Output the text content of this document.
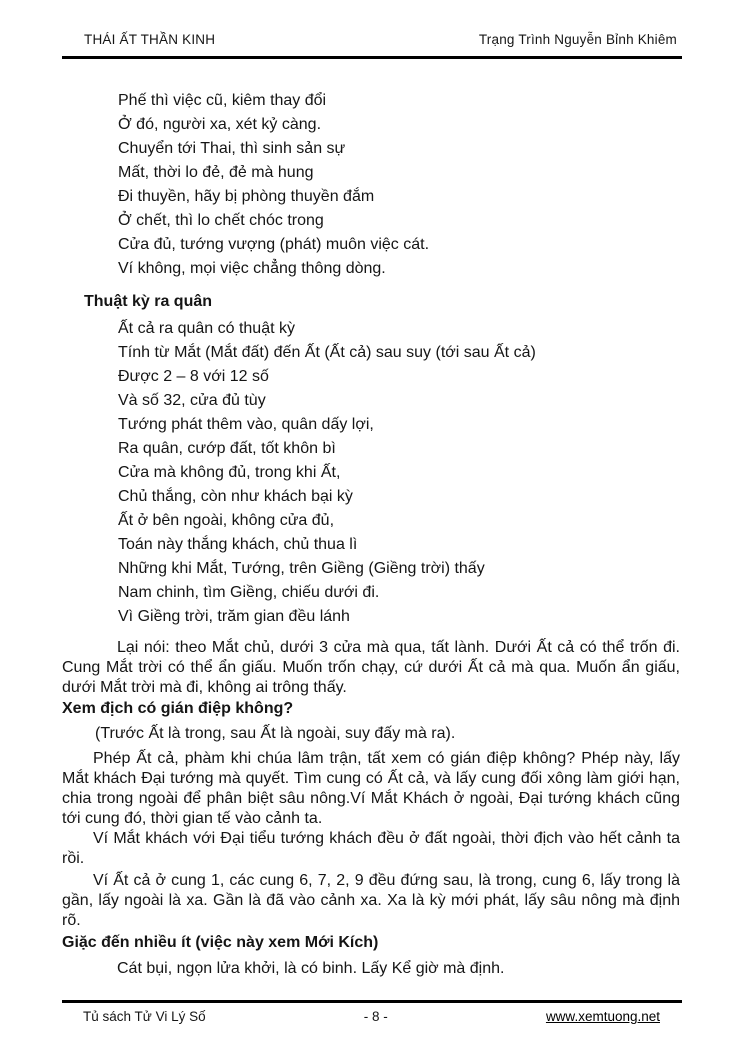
THÁI ẤT THẦN KINH	Trạng Trình Nguyễn Bỉnh Khiêm
Phế thì việc cũ, kiêm thay đổi
Ở đó, người xa, xét kỷ càng.
Chuyển tới Thai, thì sinh sản sự
Mất, thời lo đẻ, đẻ mà hung
Đi thuyền, hãy bị phòng thuyền đắm
Ở chết, thì lo chết chóc trong
Cửa đủ, tướng vượng (phát) muôn việc cát.
Ví không, mọi việc chẳng thông dòng.
Thuật kỳ ra quân
Ất cả ra quân có thuật kỳ
Tính từ Mắt (Mắt đất) đến Ất (Ất cả) sau suy (tới sau Ất cả)
Được 2 – 8 với 12 số
Và số 32, cửa đủ tùy
Tướng phát thêm vào, quân dấy lợi,
Ra quân, cướp đất, tốt khôn bì
Cửa mà không đủ, trong khi Ất,
Chủ thắng, còn như khách bại kỳ
Ất ở bên ngoài, không cửa đủ,
Toán này thắng khách, chủ thua lì
Những khi Mắt, Tướng, trên Giềng (Giềng trời) thấy
Nam chinh, tìm Giềng, chiếu dưới đi.
Vì Giềng trời, trăm gian đều lánh
Lại nói: theo Mắt chủ, dưới 3 cửa mà qua, tất lành. Dưới Ất cả có thể trốn đi. Cung Mắt trời có thể ẩn giấu. Muốn trốn chạy, cứ dưới Ất cả mà qua. Muốn ẩn giấu, dưới Mắt trời mà đi, không ai trông thấy.
Xem địch có gián điệp không?
(Trước Ất là trong, sau Ất là ngoài, suy đấy mà ra).
Phép Ất cả, phàm khi chúa lâm trận, tất xem có gián điệp không? Phép này, lấy Mắt khách Đại tướng mà quyết. Tìm cung có Ất cả, và lấy cung đối xông làm giới hạn, chia trong ngoài để phân biệt sâu nông.Ví Mắt Khách ở ngoài, Đại tướng khách cũng tới cung đó, thời gian tế vào cảnh ta.
Ví Mắt khách với Đại tiểu tướng khách đều ở đất ngoài, thời địch vào hết cảnh ta rồi.
Ví Ất cả ở cung 1, các cung 6, 7, 2, 9 đều đứng sau, là trong, cung 6, lấy trong là gần, lấy ngoài là xa. Gần là đã vào cảnh xa. Xa là kỳ mới phát, lấy sâu nông mà định rõ.
Giặc đến nhiều ít (việc này xem Mới Kích)
Cát bụi, ngọn lửa khởi, là có binh. Lấy Kể giờ mà định.
Tủ sách Tử Vi Lý Số	- 8 -	www.xemtuong.net
